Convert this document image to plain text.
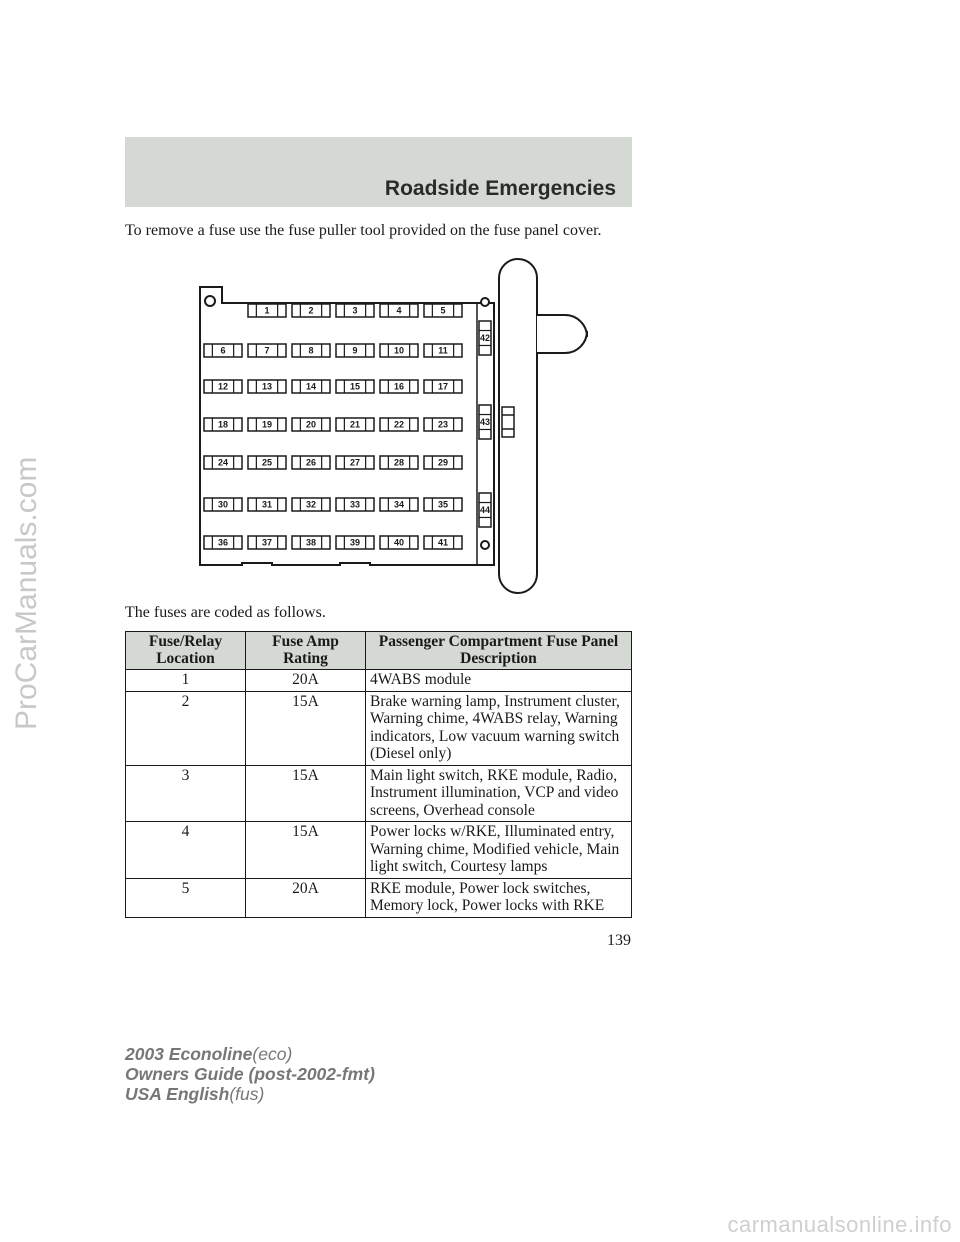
Roadside Emergencies
To remove a fuse use the fuse puller tool provided on the fuse panel cover.
1	2	3	4	5
6	7	8	9	10	11
12	13	14	15	16	17
18	19	20	21	22	23
24	25	26	27	28	29
30	31	32	33	34	35
36	37	38	39	40	41
42
43
44
The fuses are coded as follows.
Fuse/Relay Location	Fuse Amp Rating	Passenger Compartment Fuse Panel Description
1	20A	4WABS module
2	15A	Brake warning lamp, Instrument cluster, Warning chime, 4WABS relay, Warning indicators, Low vacuum warning switch (Diesel only)
3	15A	Main light switch, RKE module, Radio, Instrument illumination, VCP and video screens, Overhead console
4	15A	Power locks w/RKE, Illuminated entry, Warning chime, Modified vehicle, Main light switch, Courtesy lamps
5	20A	RKE module, Power lock switches, Memory lock, Power locks with RKE
139
2003 Econoline(eco)
Owners Guide (post-2002-fmt)
USA English(fus)
ProCarManuals.com
carmanualsonline.info
